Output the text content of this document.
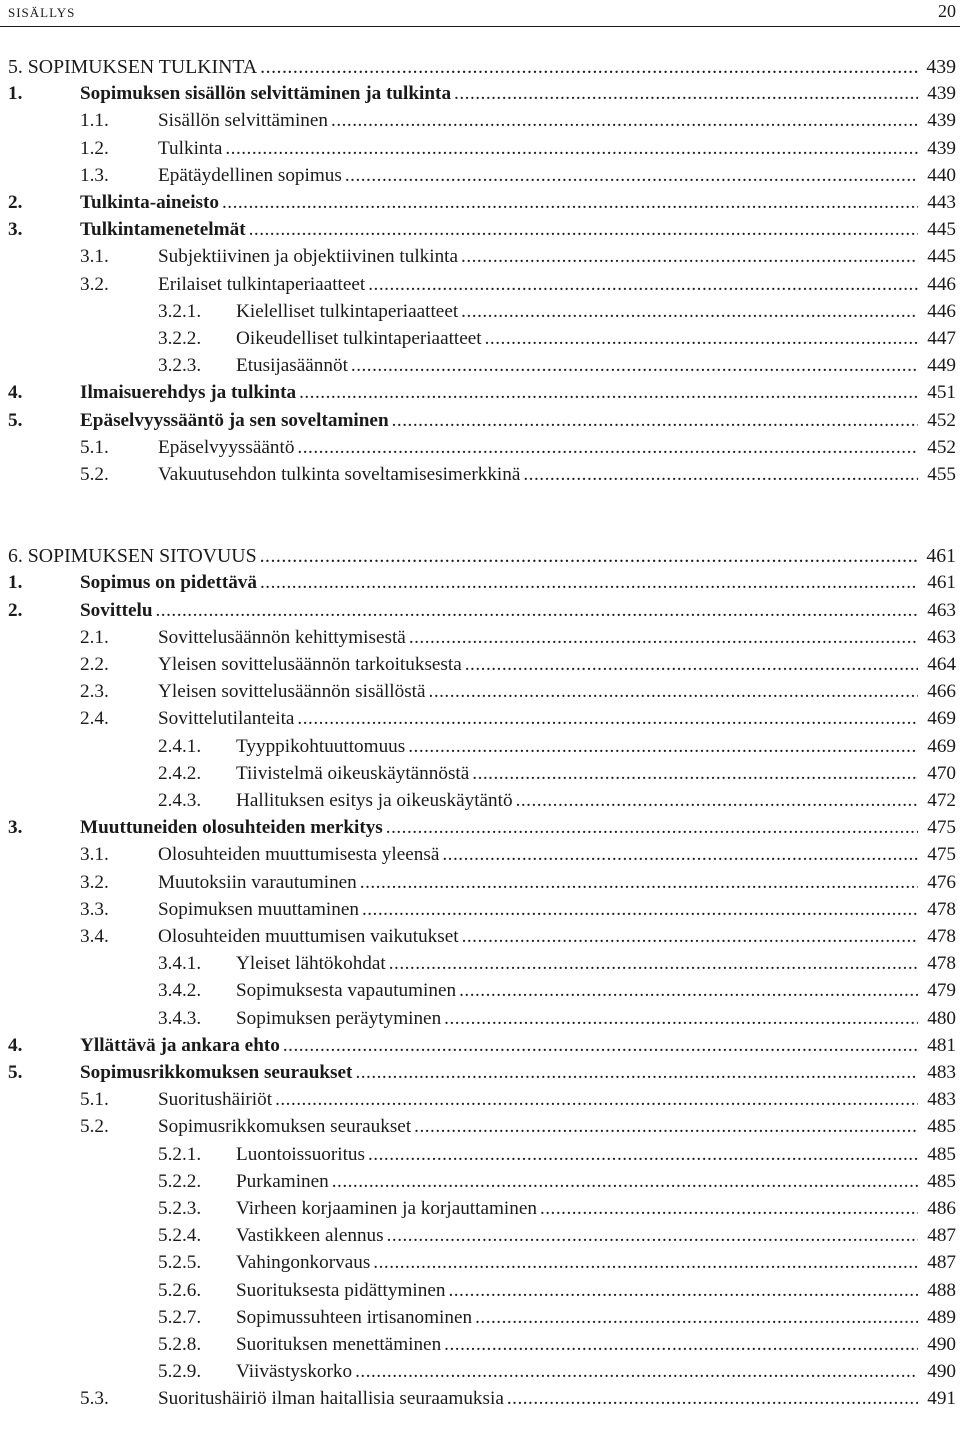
sisällys	20
5. SOPIMUKSEN TULKINTA .....	439
1.	Sopimuksen sisällön selvittäminen ja tulkinta .....	439
1.1.	Sisällön selvittäminen .....	439
1.2.	Tulkinta .....	439
1.3.	Epätäydellinen sopimus .....	440
2.	Tulkinta-aineisto .....	443
3.	Tulkintamenetelmät .....	445
3.1.	Subjektiivinen ja objektiivinen tulkinta .....	445
3.2.	Erilaiset tulkintaperiaatteet .....	446
3.2.1. Kielelliset tulkintaperiaatteet .....	446
3.2.2. Oikeudelliset tulkintaperiaatteet .....	447
3.2.3. Etusijasäännöt .....	449
4.	Ilmaisuerehdys ja tulkinta .....	451
5.	Epäselvyyssääntö ja sen soveltaminen .....	452
5.1.	Epäselvyyssääntö .....	452
5.2.	Vakuutusehdon tulkinta soveltamisesimerkkinä .....	455
6. SOPIMUKSEN SITOVUUS .....	461
1.	Sopimus on pidettävä .....	461
2.	Sovittelu .....	463
2.1.	Sovittelusäännön kehittymisestä .....	463
2.2.	Yleisen sovittelusäännön tarkoituksesta .....	464
2.3.	Yleisen sovittelusäännön sisällöstä .....	466
2.4.	Sovittelutilanteita .....	469
2.4.1. Tyyppikohtuuttomuus .....	469
2.4.2. Tiivistelmä oikeuskäytännöstä .....	470
2.4.3. Hallituksen esitys ja oikeuskäytäntö .....	472
3.	Muuttuneiden olosuhteiden merkitys .....	475
3.1.	Olosuhteiden muuttumisesta yleensä .....	475
3.2.	Muutoksiin varautuminen .....	476
3.3.	Sopimuksen muuttaminen .....	478
3.4.	Olosuhteiden muuttumisen vaikutukset .....	478
3.4.1. Yleiset lähtökohdat .....	478
3.4.2. Sopimuksesta vapautuminen .....	479
3.4.3. Sopimuksen peräytyminen .....	480
4.	Yllättävä ja ankara ehto .....	481
5.	Sopimusrikkomuksen seuraukset .....	483
5.1.	Suoritushäiriöt .....	483
5.2.	Sopimusrikkomuksen seuraukset .....	485
5.2.1. Luontoissuoritus .....	485
5.2.2. Purkaminen .....	485
5.2.3. Virheen korjaaminen ja korjauttaminen .....	486
5.2.4. Vastikkeen alennus .....	487
5.2.5. Vahingonkorvaus .....	487
5.2.6. Suorituksesta pidättyminen .....	488
5.2.7. Sopimussuhteen irtisanominen .....	489
5.2.8. Suorituksen menettäminen .....	490
5.2.9. Viivästyskorko .....	490
5.3.	Suoritushäiriö ilman haitallisia seuraamuksia .....	491
